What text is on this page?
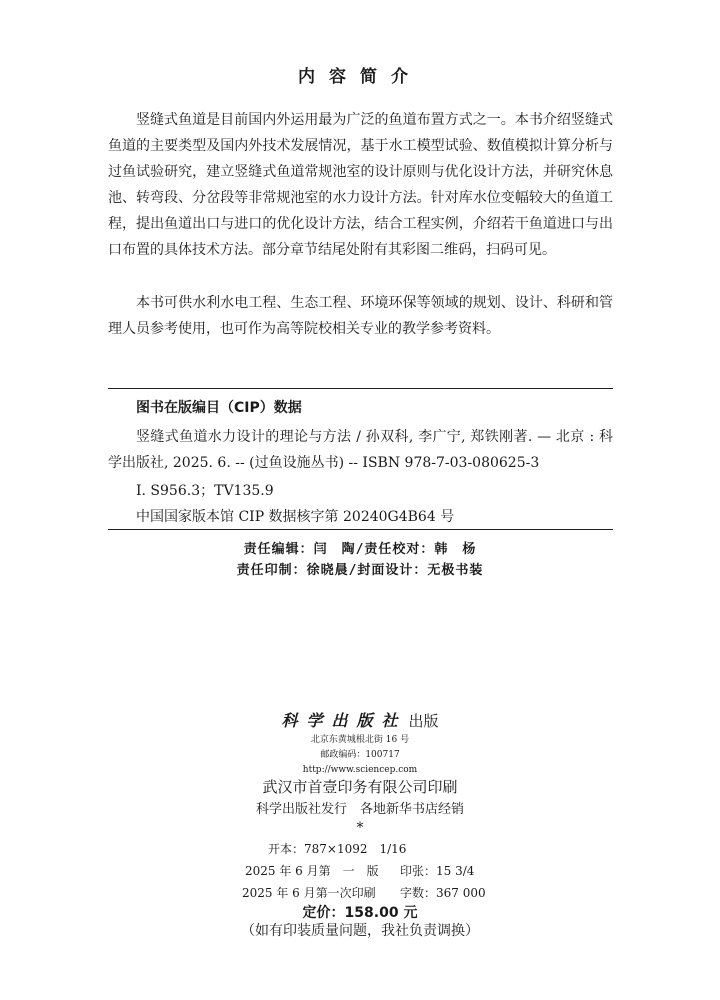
内容简介

竖缝式鱼道是目前国内外运用最为广泛的鱼道布置方式之一。本书介绍竖缝式鱼道的主要类型及国内外技术发展情况，基于水工模型试验、数值模拟计算分析与过鱼试验研究，建立竖缝式鱼道常规池室的设计原则与优化设计方法，并研究休息池、转弯段、分岔段等非常规池室的水力设计方法。针对库水位变幅较大的鱼道工程，提出鱼道出口与进口的优化设计方法，结合工程实例，介绍若干鱼道进口与出口布置的具体技术方法。部分章节结尾处附有其彩图二维码，扫码可见。

本书可供水利水电工程、生态工程、环境环保等领域的规划、设计、科研和管理人员参考使用，也可作为高等院校相关专业的教学参考资料。

图书在版编目（CIP）数据
竖缝式鱼道水力设计的理论与方法 / 孙双科, 李广宁, 郑铁刚著. — 北京 : 科学出版社, 2025. 6. -- (过鱼设施丛书) -- ISBN 978-7-03-080625-3
I. S956.3；TV135.9
中国国家版本馆 CIP 数据核字第 20240G4B64 号
责任编辑：闫　陶/责任校对：韩　杨
责任印制：徐晓晨/封面设计：无极书装
科学出版社 出版
北京东黄城根北街 16 号
邮政编码：100717
http://www.sciencep.com
武汉市首壹印务有限公司印刷
科学出版社发行　各地新华书店经销
*
开本：787×1092　1/16
2025 年 6 月第　一　版 印张：15 3/4
2025 年 6 月第一次印刷 字数：367 000
定价：158.00 元
（如有印装质量问题，我社负责调换）
